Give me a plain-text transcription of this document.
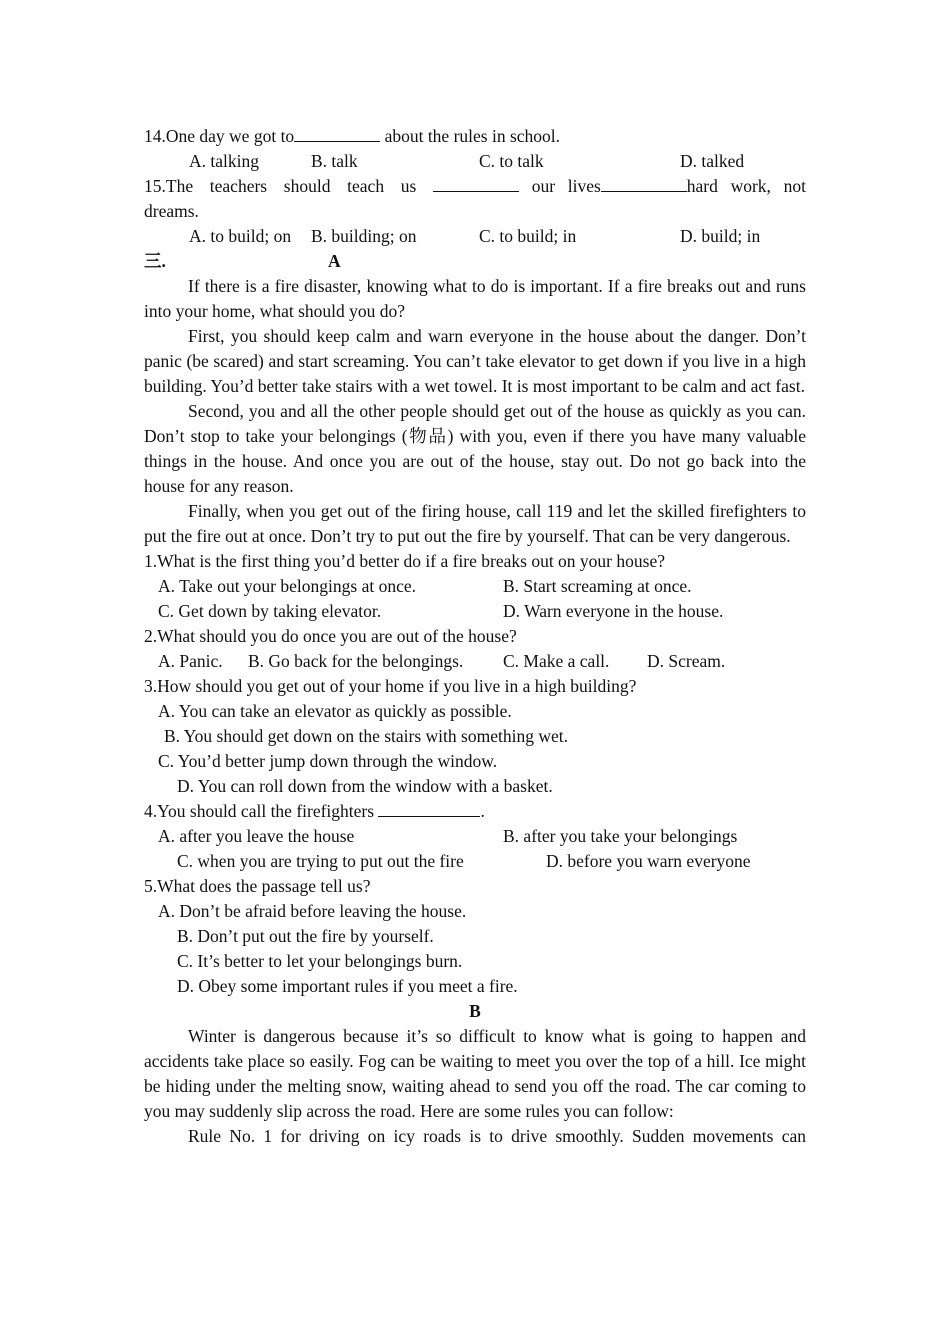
14.One day we got to	about the rules in school.
A. talking	B. talk	C. to talk	D. talked
15.The teachers should teach us	our lives	hard work, not dreams.
A. to build; on	B. building; on	C. to build; in	D. build; in
三.	A
If there is a fire disaster, knowing what to do is important. If a fire breaks out and runs into your home, what should you do?
First, you should keep calm and warn everyone in the house about the danger. Don’t panic (be scared) and start screaming. You can’t take elevator to get down if you live in a high building. You’d better take stairs with a wet towel. It is most important to be calm and act fast.
Second, you and all the other people should get out of the house as quickly as you can. Don’t stop to take your belongings (物品) with you, even if there you have many valuable things in the house. And once you are out of the house, stay out. Do not go back into the house for any reason.
Finally, when you get out of the firing house, call 119 and let the skilled firefighters to put the fire out at once. Don’t try to put out the fire by yourself. That can be very dangerous.
1.What is the first thing you’d better do if a fire breaks out on your house?
A. Take out your belongings at once.	B. Start screaming at once.
C. Get down by taking elevator.	D. Warn everyone in the house.
2.What should you do once you are out of the house?
A. Panic.	B. Go back for the belongings.	C. Make a call.	D. Scream.
3.How should you get out of your home if you live in a high building?
A. You can take an elevator as quickly as possible.
B. You should get down on the stairs with something wet.
C. You’d better jump down through the window.
D. You can roll down from the window with a basket.
4.You should call the firefighters	.
A. after you leave the house	B. after you take your belongings
C. when you are trying to put out the fire	D. before you warn everyone
5.What does the passage tell us?
A. Don’t be afraid before leaving the house.
B. Don’t put out the fire by yourself.
C. It’s better to let your belongings burn.
D. Obey some important rules if you meet a fire.
B
Winter is dangerous because it’s so difficult to know what is going to happen and accidents take place so easily. Fog can be waiting to meet you over the top of a hill. Ice might be hiding under the melting snow, waiting ahead to send you off the road. The car coming to you may suddenly slip across the road. Here are some rules you can follow:
Rule No. 1 for driving on icy roads is to drive smoothly. Sudden movements can
